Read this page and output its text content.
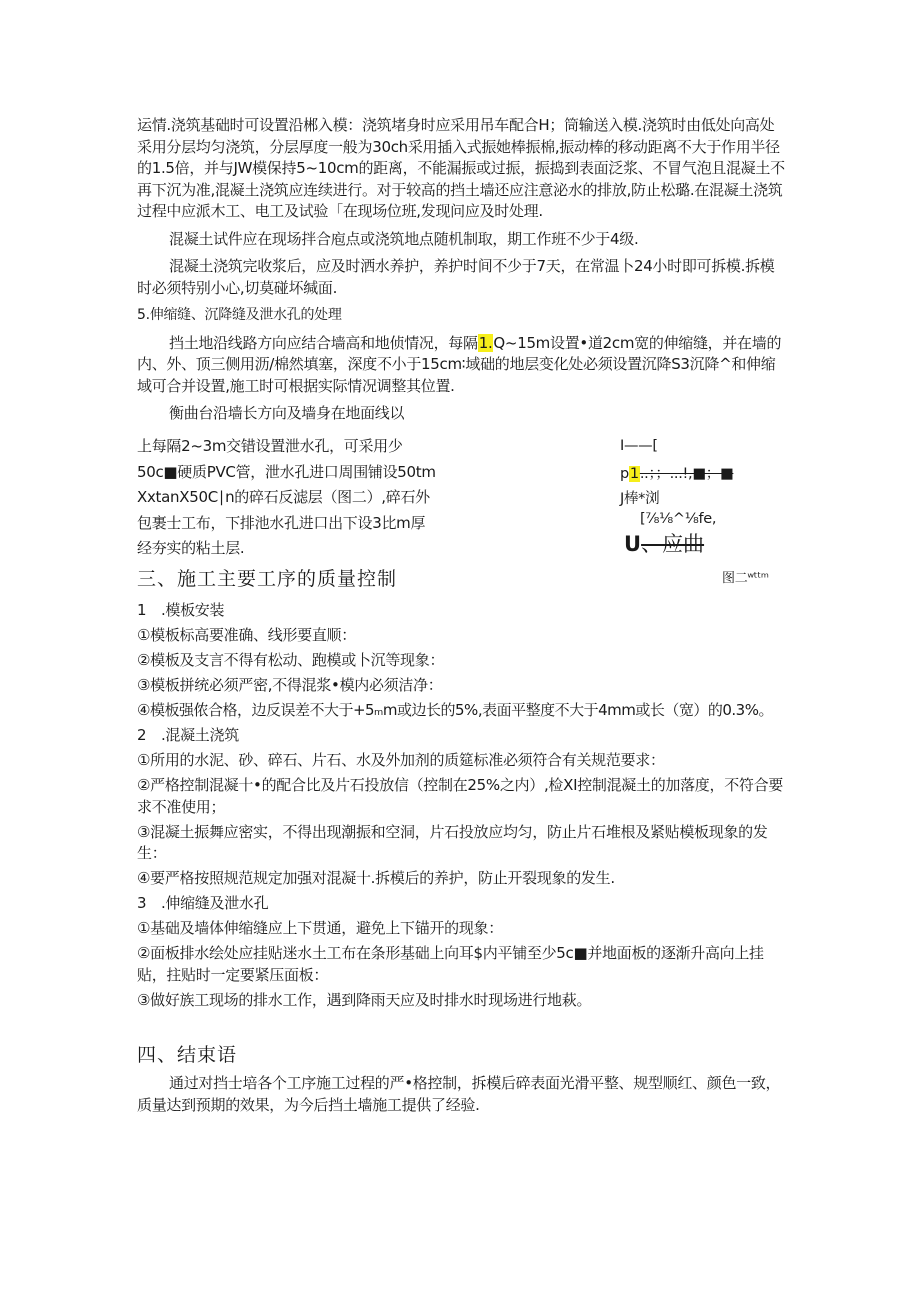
运情.浇筑基础时可设置沿郴入模：浇筑堵身时应采用吊车配合H；筒输送入模.浇筑时由低处向高处采用分层均匀浇筑，分层厚度一般为30ch采用插入式振她棒振棉,振动棒的移动距离不大于作用半径的1.5倍，并与JW模保持5~10cm的距离，不能漏振或过振，振捣到表面泛浆、不冒气泡且混凝土不再下沉为准,混凝土浇筑应连续进行。对于较高的挡土墙还应注意泌水的排放,防止松璐.在混凝土浇筑过程中应派木工、电工及试验「在现场位班,发现问应及时处理.

混凝土试件应在现场拌合庖点或浇筑地点随机制取，期工作班不少于4级.

混凝土浇筑完收浆后，应及时洒水养护，养护时间不少于7天，在常温卜24小时即可拆模.拆模时必须特别小心,切莫碰坏缄面.

5.伸缩缝、沉降缝及泄水孔的处理

挡土地沿线路方向应结合墙高和地侦情况，每隔1.Q~15m设置•道2cm宽的伸缩缝，并在墙的内、外、顶三侧用沥/棉然填塞，深度不小于15cm∶域础的地层变化处必须设置沉降S3沉降^和伸缩域可合并设置,施工时可根据实际情况调整其位置.

衡曲台沿墙长方向及墙身在地面线以

上每隔2~3m交错设置泄水孔，可采用少

50c■硬质PVC管，泄水孔进口周围铺设50tm

XxtanX50C∣n的碎石反滤层（图二）,碎石外

包裹士工布，下排池水孔进口出下设3比m厚

经夯实的粘土层.

I——[
p1..；；...!,■；■
J棒*浏
[⅞⅛^⅛fe,
U、应曲
图二ʷᵗᵗᵐ
三、施工主要工序的质量控制

1　.模板安装

①模板标高要准确、线形要直顺：

②模板及支言不得有松动、跑模或卜沉等现象：

③模板拼统必须严密,不得混浆•模内必须洁净：

④模板强侬合格，边反误差不大于+5ₘm或边长的5%,表面平整度不大于4mm或长（宽）的0.3%。

2　.混凝土浇筑

①所用的水泥、砂、碎石、片石、水及外加剂的质筵标准必须符合有关规范要求：

②严格控制混凝十•的配合比及片石投放信（控制在25%之内）,检XI控制混凝土的加落度，不符合要求不准使用；

③混凝土振舞应密实，不得出现潮振和空洞，片石投放应均匀，防止片石堆根及紧贴模板现象的发生：

④要严格按照规范规定加强对混凝十.拆模后的养护，防止开裂现象的发生.

3　.伸缩缝及泄水孔

①基础及墙体伸缩缝应上下贯通，避免上下锚开的现象：

②面板排水绘处应挂贴迷水土工布在条形基础上向耳$内平铺至少5c■并地面板的逐渐升高向上挂贴，拄贴时一定要紧压面板：

③做好族工现场的排水工作，遇到降雨天应及时排水时现场进行地萩。

四、结束语

通过对挡士培各个工序施工过程的严•格控制，拆模后碎表面光滑平整、规型顺红、颜色一致，质量达到预期的效果，为今后挡土墙施工提供了经验.
